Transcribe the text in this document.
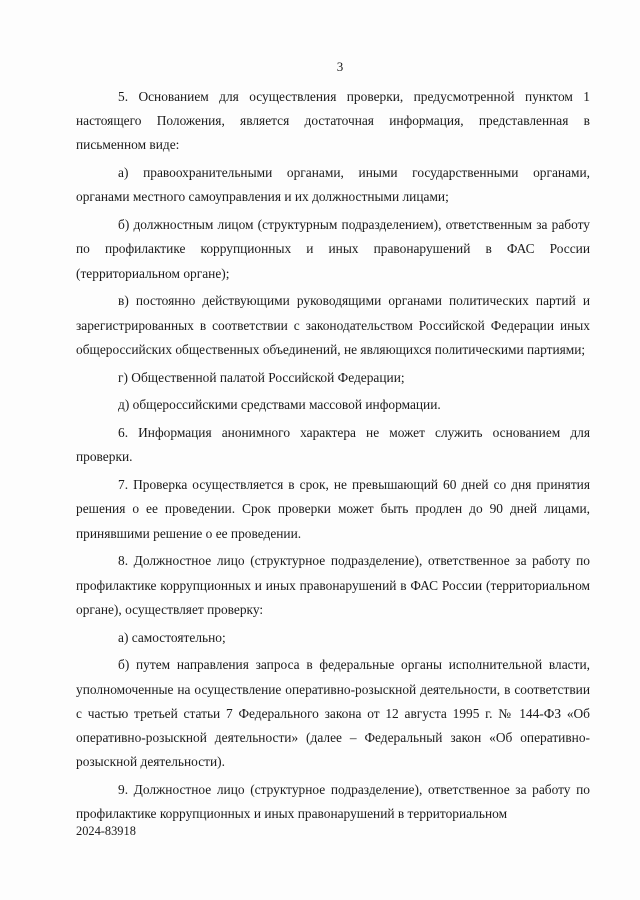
3

5. Основанием для осуществления проверки, предусмотренной пунктом 1 настоящего Положения, является достаточная информация, представленная в письменном виде:

а) правоохранительными органами, иными государственными органами, органами местного самоуправления и их должностными лицами;

б) должностным лицом (структурным подразделением), ответственным за работу по профилактике коррупционных и иных правонарушений в ФАС России (территориальном органе);

в) постоянно действующими руководящими органами политических партий и зарегистрированных в соответствии с законодательством Российской Федерации иных общероссийских общественных объединений, не являющихся политическими партиями;

г) Общественной палатой Российской Федерации;

д) общероссийскими средствами массовой информации.

6. Информация анонимного характера не может служить основанием для проверки.

7. Проверка осуществляется в срок, не превышающий 60 дней со дня принятия решения о ее проведении. Срок проверки может быть продлен до 90 дней лицами, принявшими решение о ее проведении.

8. Должностное лицо (структурное подразделение), ответственное за работу по профилактике коррупционных и иных правонарушений в ФАС России (территориальном органе), осуществляет проверку:

а) самостоятельно;

б) путем направления запроса в федеральные органы исполнительной власти, уполномоченные на осуществление оперативно-розыскной деятельности, в соответствии с частью третьей статьи 7 Федерального закона от 12 августа 1995 г. № 144-ФЗ «Об оперативно-розыскной деятельности» (далее – Федеральный закон «Об оперативно-розыскной деятельности).

9. Должностное лицо (структурное подразделение), ответственное за работу по профилактике коррупционных и иных правонарушений в территориальном

2024-83918
